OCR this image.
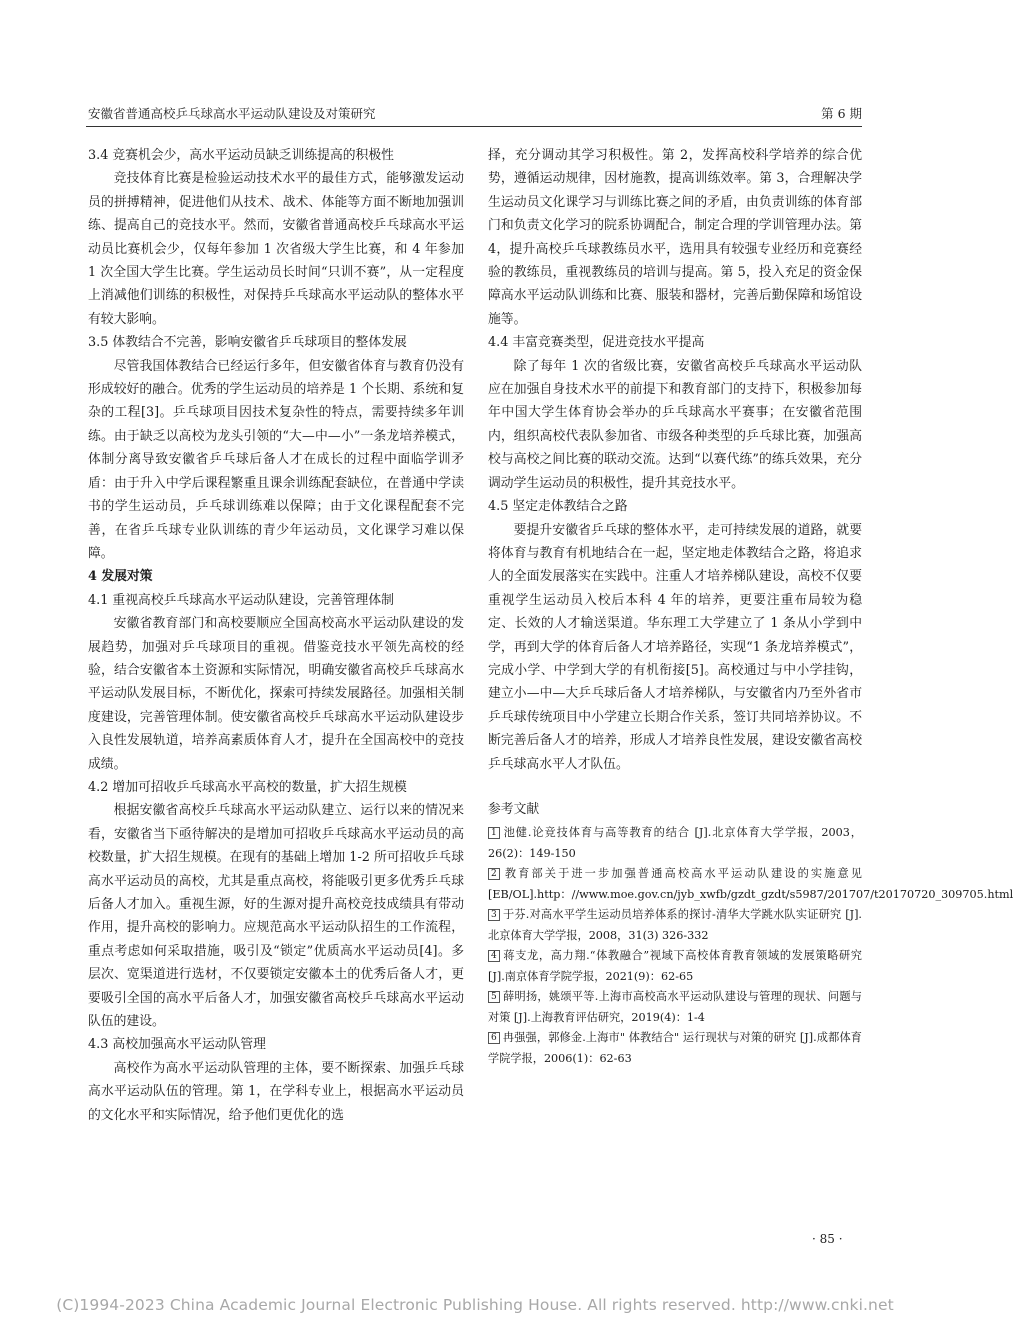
安徽省普通高校乒乓球高水平运动队建设及对策研究	第 6 期
3.4 竞赛机会少，高水平运动员缺乏训练提高的积极性

竞技体育比赛是检验运动技术水平的最佳方式，能够激发运动员的拼搏精神，促进他们从技术、战术、体能等方面不断地加强训练、提高自己的竞技水平。然而，安徽省普通高校乒乓球高水平运动员比赛机会少，仅每年参加 1 次省级大学生比赛，和 4 年参加 1 次全国大学生比赛。学生运动员长时间“只训不赛”，从一定程度上消减他们训练的积极性，对保持乒乓球高水平运动队的整体水平有较大影响。

3.5 体教结合不完善，影响安徽省乒乓球项目的整体发展

尽管我国体教结合已经运行多年，但安徽省体育与教育仍没有形成较好的融合。优秀的学生运动员的培养是 1 个长期、系统和复杂的工程[3]。乒乓球项目因技术复杂性的特点，需要持续多年训练。由于缺乏以高校为龙头引领的“大—中—小”一条龙培养模式，体制分离导致安徽省乒乓球后备人才在成长的过程中面临学训矛盾：由于升入中学后课程繁重且课余训练配套缺位，在普通中学读书的学生运动员，乒乓球训练难以保障；由于文化课程配套不完善，在省乒乓球专业队训练的青少年运动员，文化课学习难以保障。

4 发展对策
4.1 重视高校乒乓球高水平运动队建设，完善管理体制

安徽省教育部门和高校要顺应全国高校高水平运动队建设的发展趋势，加强对乒乓球项目的重视。借鉴竞技水平领先高校的经验，结合安徽省本土资源和实际情况，明确安徽省高校乒乓球高水平运动队发展目标，不断优化，探索可持续发展路径。加强相关制度建设，完善管理体制。使安徽省高校乒乓球高水平运动队建设步入良性发展轨道，培养高素质体育人才，提升在全国高校中的竞技成绩。

4.2 增加可招收乒乓球高水平高校的数量，扩大招生规模

根据安徽省高校乒乓球高水平运动队建立、运行以来的情况来看，安徽省当下亟待解决的是增加可招收乒乓球高水平运动员的高校数量，扩大招生规模。在现有的基础上增加 1-2 所可招收乒乓球高水平运动员的高校，尤其是重点高校，将能吸引更多优秀乒乓球后备人才加入。重视生源，好的生源对提升高校竞技成绩具有带动作用，提升高校的影响力。应规范高水平运动队招生的工作流程，重点考虑如何采取措施，吸引及“锁定”优质高水平运动员[4]。多层次、宽渠道进行选材，不仅要锁定安徽本土的优秀后备人才，更要吸引全国的高水平后备人才，加强安徽省高校乒乓球高水平运动队伍的建设。

4.3 高校加强高水平运动队管理

高校作为高水平运动队管理的主体，要不断探索、加强乒乓球高水平运动队伍的管理。第 1，在学科专业上，根据高水平运动员的文化水平和实际情况，给予他们更优化的选

择，充分调动其学习积极性。第 2，发挥高校科学培养的综合优势，遵循运动规律，因材施教，提高训练效率。第 3，合理解决学生运动员文化课学习与训练比赛之间的矛盾，由负责训练的体育部门和负责文化学习的院系协调配合，制定合理的学训管理办法。第 4，提升高校乒乓球教练员水平，选用具有较强专业经历和竞赛经验的教练员，重视教练员的培训与提高。第 5，投入充足的资金保障高水平运动队训练和比赛、服装和器材，完善后勤保障和场馆设施等。

4.4 丰富竞赛类型，促进竞技水平提高

除了每年 1 次的省级比赛，安徽省高校乒乓球高水平运动队应在加强自身技术水平的前提下和教育部门的支持下，积极参加每年中国大学生体育协会举办的乒乓球高水平赛事；在安徽省范围内，组织高校代表队参加省、市级各种类型的乒乓球比赛，加强高校与高校之间比赛的联动交流。达到“以赛代练”的练兵效果，充分调动学生运动员的积极性，提升其竞技水平。

4.5 坚定走体教结合之路

要提升安徽省乒乓球的整体水平，走可持续发展的道路，就要将体育与教育有机地结合在一起，坚定地走体教结合之路，将追求人的全面发展落实在实践中。注重人才培养梯队建设，高校不仅要重视学生运动员入校后本科 4 年的培养，更要注重布局较为稳定、长效的人才输送渠道。华东理工大学建立了 1 条从小学到中学，再到大学的体育后备人才培养路径，实现“1 条龙培养模式”，完成小学、中学到大学的有机衔接[5]。高校通过与中小学挂钩，建立小—中—大乒乓球后备人才培养梯队，与安徽省内乃至外省市乒乓球传统项目中小学建立长期合作关系，签订共同培养协议。不断完善后备人才的培养，形成人才培养良性发展，建设安徽省高校乒乓球高水平人才队伍。

参考文献
1 池健.论竞技体育与高等教育的结合 [J].北京体育大学学报，2003，26(2)：149-150
2 教育部关于进一步加强普通高校高水平运动队建设的实施意见[EB/OL].http：//www.moe.gov.cn/jyb_xwfb/gzdt_gzdt/s5987/201707/t20170720_309705.html
3 于芬.对高水平学生运动员培养体系的探讨-清华大学跳水队实证研究 [J].北京体育大学学报，2008，31(3) 326-332
4 蒋支龙，高力翔.“体教融合”视域下高校体育教育领域的发展策略研究 [J].南京体育学院学报，2021(9)：62-65
5 薛明扬，姚颂平等.上海市高校高水平运动队建设与管理的现状、问题与对策 [J].上海教育评估研究，2019(4)：1-4
6 冉强强，郭修金.上海市" 体教结合" 运行现状与对策的研究 [J].成都体育学院学报，2006(1)：62-63
· 85 ·
(C)1994-2023 China Academic Journal Electronic Publishing House. All rights reserved. http://www.cnki.net
